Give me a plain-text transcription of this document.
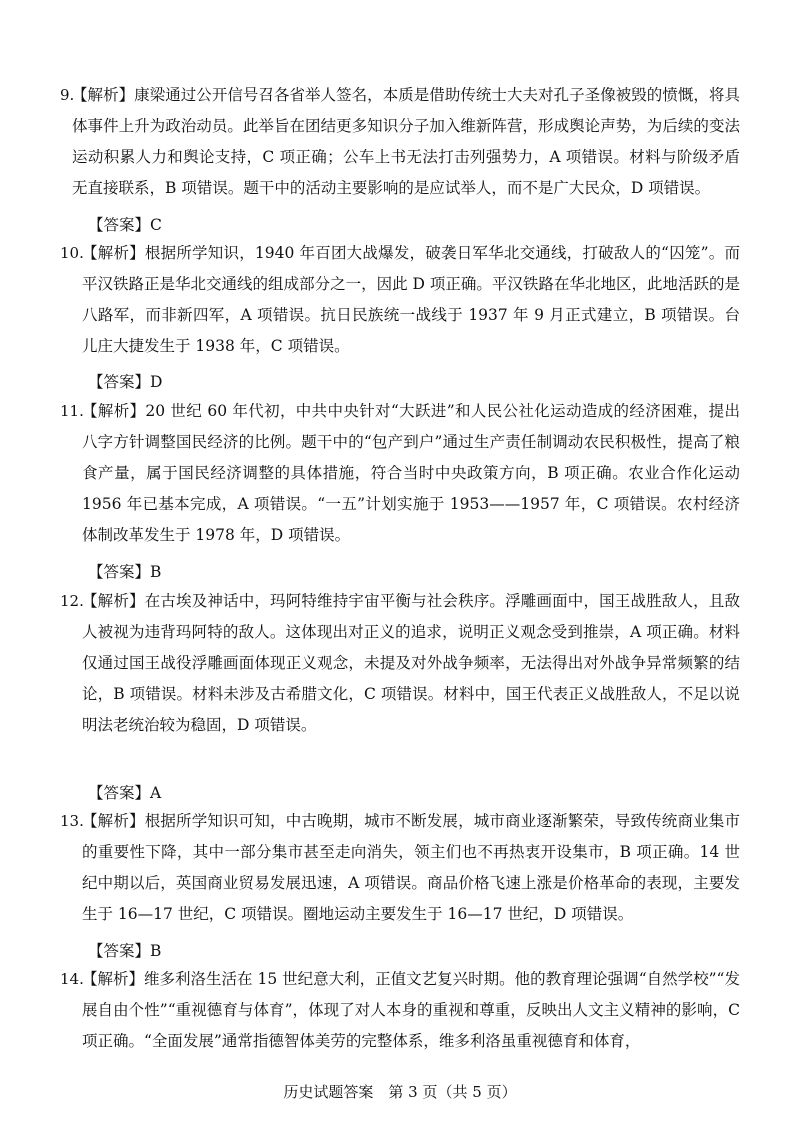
9.
【解析】康梁通过公开信号召各省举人签名，本质是借助传统士大夫对孔子圣像被毁的愤慨，将具体事件上升为政治动员。此举旨在团结更多知识分子加入维新阵营，形成舆论声势，为后续的变法运动积累人力和舆论支持，C 项正确；公车上书无法打击列强势力，A 项错误。材料与阶级矛盾无直接联系，B 项错误。题干中的活动主要影响的是应试举人，而不是广大民众，D 项错误。
【答案】C
10.
【解析】根据所学知识，1940 年百团大战爆发，破袭日军华北交通线，打破敌人的“囚笼”。而平汉铁路正是华北交通线的组成部分之一，因此 D 项正确。平汉铁路在华北地区，此地活跃的是八路军，而非新四军，A 项错误。抗日民族统一战线于 1937 年 9 月正式建立，B 项错误。台儿庄大捷发生于 1938 年，C 项错误。
【答案】D
11.
【解析】20 世纪 60 年代初，中共中央针对“大跃进”和人民公社化运动造成的经济困难，提出八字方针调整国民经济的比例。题干中的“包产到户”通过生产责任制调动农民积极性，提高了粮食产量，属于国民经济调整的具体措施，符合当时中央政策方向，B 项正确。农业合作化运动 1956 年已基本完成，A 项错误。“一五”计划实施于 1953——1957 年，C 项错误。农村经济体制改革发生于 1978 年，D 项错误。
【答案】B
12.
【解析】在古埃及神话中，玛阿特维持宇宙平衡与社会秩序。浮雕画面中，国王战胜敌人，且敌人被视为违背玛阿特的敌人。这体现出对正义的追求，说明正义观念受到推崇，A 项正确。材料仅通过国王战役浮雕画面体现正义观念，未提及对外战争频率，无法得出对外战争异常频繁的结论，B 项错误。材料未涉及古希腊文化，C 项错误。材料中，国王代表正义战胜敌人，不足以说明法老统治较为稳固，D 项错误。
【答案】A
13.
【解析】根据所学知识可知，中古晚期，城市不断发展，城市商业逐渐繁荣，导致传统商业集市的重要性下降，其中一部分集市甚至走向消失，领主们也不再热衷开设集市，B 项正确。14 世纪中期以后，英国商业贸易发展迅速，A 项错误。商品价格飞速上涨是价格革命的表现，主要发生于 16—17 世纪，C 项错误。圈地运动主要发生于 16—17 世纪，D 项错误。
【答案】B
14.
【解析】维多利洛生活在 15 世纪意大利，正值文艺复兴时期。他的教育理论强调“自然学校”“发展自由个性”“重视德育与体育”，体现了对人本身的重视和尊重，反映出人文主义精神的影响，C 项正确。“全面发展”通常指德智体美劳的完整体系，维多利洛虽重视德育和体育，
历史试题答案　第 3 页（共 5 页）
